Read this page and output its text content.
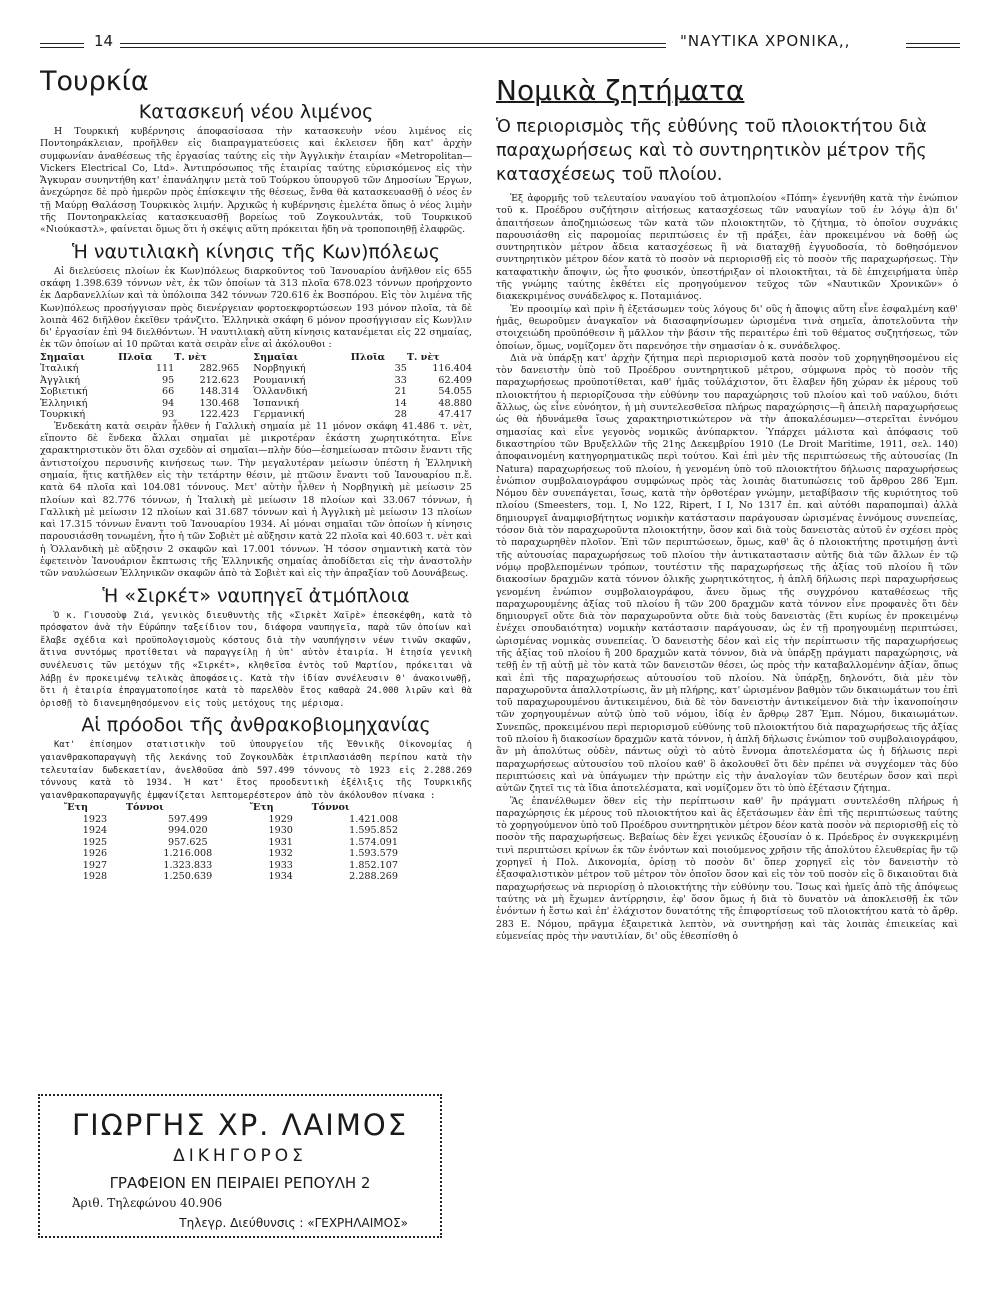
14	"ΝΑΥΤΙΚΑ ΧΡΟΝΙΚΑ,,
Τουρκία
Κατασκευή νέου λιμένος

Η Τουρκική κυβέρνησις άποφασίσασα τὴν κατασκευὴν νέου λιμένος εἰς Ποντοηράκλειαν, προῆλθεν εἰς διαπραγματεύσεις καὶ ἐκλεισεν ἤδη κατ' ἀρχὴν συμφωνίαν ἀναθέσεως τῆς ἐργασίας ταύτης εἰς τὴν Ἀγγλικὴν ἑταιρίαν «Metropolitan—Vickers Electrical Co, Ltd». Ἀντιπρόσωπος τῆς ἑταιρίας ταύτης εὑρισκόμενος εἰς τὴν Ἄγκυραν συνηντήθη κατ' ἐπανάληψιν μετὰ τοῦ Τούρκου ὑπουργοῦ τῶν Δημοσίων Ἔργων, ἀνεχώρησε δὲ πρὸ ἡμερῶν πρὸς ἐπίσκεψιν τῆς θέσεως, ἔνθα θὰ κατασκευασθῇ ὁ νέος ἐν τῇ Μαύρῃ Θαλάσσῃ Τουρκικὸς λιμήν. Ἀρχικῶς ἡ κυβέρνησις ἐμελέτα ὅπως ὁ νέος λιμὴν τῆς Ποντοηρακλείας κατασκευασθῇ βορείως τοῦ Ζογκουλντάκ, τοῦ Τουρκικοῦ «Νιούκαστλ», φαίνεται ὅμως ὅτι ἡ σκέψις αὕτη πρόκειται ἤδη νὰ τροποποιηθῇ ἐλαφρῶς.

Ἡ ναυτιλιακὴ κίνησις τῆς Κων)πόλεως

Αἱ διελεύσεις πλοίων ἐκ Κων)πόλεως διαρκοῦντος τοῦ Ἰανουαρίου ἀνῆλθον εἰς 655 σκάφη 1.398.639 τόννων νὲτ, ἐκ τῶν ὁποίων τὰ 313 πλοῖα 678.023 τόννων προήρχοντο ἐκ Δαρδανελλίων καὶ τὰ ὑπόλοιπα 342 τόννων 720.616 ἐκ Βοσπόρου. Εἰς τὸν λιμένα τῆς Κων)πόλεως προσήγγισαν πρὸς διενέργειαν φορτοεκφορτώσεων 193 μόνον πλοῖα, τὰ δὲ λοιπὰ 462 διῆλθον ἐκεῖθεν τράνζιτο. Ἑλληνικὰ σκάφη 6 μόνον προσήγγισαν εἰς Κων)λιν δι' ἐργασίαν ἐπὶ 94 διελθόντων. Ἡ ναυτιλιακὴ αὕτη κίνησις κατανέμεται εἰς 22 σημαίας, ἐκ τῶν ὁποίων αἱ 10 πρῶται κατὰ σειρὰν εἶνε αἱ ἀκόλουθοι :

Σημαῖαι	Πλοῖα	Τ. νὲτ	Σημαῖαι	Πλοῖα	Τ. νὲτ
Ἰταλική	111	282.965	Νορβηγική	35	116.404
Ἀγγλική	95	212.623	Ρουμανική	33	62.409
Σοβιετική	66	148.314	Ὁλλανδική	21	54.055
Ἑλληνική	94	130.468	Ἰσπανική	14	48.880
Τουρκική	93	122.423	Γερμανική	28	47.417

Ἑνδεκάτη κατὰ σειρὰν ἦλθεν ἡ Γαλλικὴ σημαία μὲ 11 μόνον σκάφη 41.486 τ. νὲτ, εἵποντο δὲ ἕνδεκα ἄλλαι σημαῖαι μὲ μικροτέραν ἑκάστη χωρητικότητα. Εἶνε χαρακτηριστικὸν ὅτι ὅλαι σχεδὸν αἱ σημαῖαι—πλὴν δύο—ἐσημείωσαν πτῶσιν ἔναντι τῆς ἀντιστοίχου περυσινῆς κινήσεως των. Τὴν μεγαλυτέραν μείωσιν ὑπέστη ἡ Ἑλληνικὴ σημαία, ἥτις κατῆλθεν εἰς τὴν τετάρτην θέσιν, μὲ πτῶσιν ἔναντι τοῦ Ἰανουαρίου π.ἔ. κατὰ 64 πλοῖα καὶ 104.081 τόννους. Μετ' αὐτὴν ἦλθεν ἡ Νορβηγικὴ μὲ μείωσιν 25 πλοίων καὶ 82.776 τόννων, ἡ Ἰταλικὴ μὲ μείωσιν 18 πλοίων καὶ 33.067 τόννων, ἡ Γαλλικὴ μὲ μείωσιν 12 πλοίων καὶ 31.687 τόννων καὶ ἡ Ἀγγλικὴ μὲ μείωσιν 13 πλοίων καὶ 17.315 τόννων ἔναντι τοῦ Ἰανουαρίου 1934. Αἱ μόναι σημαῖαι τῶν ὁποίων ἡ κίνησις παρουσιάσθη τονωμένη, ἦτο ἡ τῶν Σοβιὲτ μὲ αὔξησιν κατὰ 22 πλοῖα καὶ 40.603 τ. νὲτ καὶ ἡ Ὁλλανδικὴ μὲ αὔξησιν 2 σκαφῶν καὶ 17.001 τόννων. Ἡ τόσον σημαντικὴ κατὰ τὸν ἐφετεινὸν Ἰανουάριον ἔκπτωσις τῆς Ἑλληνικῆς σημαίας ἀποδίδεται εἰς τὴν ἀναστολὴν τῶν ναυλώσεων Ἑλληνικῶν σκαφῶν ἀπὸ τὰ Σοβιὲτ καὶ εἰς τὴν ἀπραξίαν τοῦ Δουνάβεως.

Ἡ «Σιρκέτ» ναυπηγεῖ ἀτμόπλοια

Ὁ κ. Γιουσοὺφ Ζιά, γενικὸς διευθυντὴς τῆς «Σιρκὲτ Χαϊρὲ» ἐπεσκέφθη, κατὰ τὸ πρόσφατον ἀνὰ τὴν Εὐρώπην ταξείδιον του, διάφορα ναυπηγεῖα, παρὰ τῶν ὁποίων καὶ ἔλαβε σχέδια καὶ προϋπολογισμοὺς κόστους διὰ τὴν ναυπήγησιν νέων τινῶν σκαφῶν, ἅτινα συντόμως προτίθεται νὰ παραγγείλῃ ἡ ὑπ' αὐτὸν ἑταιρία. Ἡ ἐτησία γενικὴ συνέλευσις τῶν μετόχων τῆς «Σιρκέτ», κληθεῖσα ἐντὸς τοῦ Μαρτίου, πρόκειται νὰ λάβῃ ἐν προκειμένῳ τελικὰς ἀποφάσεις. Κατὰ τὴν ἰδίαν συνέλευσιν θ' ἀνακοινωθῇ, ὅτι ἡ ἑταιρία ἐπραγματοποίησε κατὰ τὸ παρελθὸν ἔτος καθαρὰ 24.000 λιρῶν καὶ θὰ ὁρισθῇ τὸ διανεμηθησόμενον εἰς τοὺς μετόχους της μέρισμα.

Αἱ πρόοδοι τῆς ἀνθρακοβιομηχανίας

Κατ' ἐπίσημον στατιστικὴν τοῦ ὑπουργείου τῆς Ἐθνικῆς Οἰκονομίας ἡ γαιανθρακοπαραγωγὴ τῆς λεκάνης τοῦ Ζογκουλδὰκ ἐτριπλασιάσθη περίπου κατὰ τὴν τελευταίαν δωδεκαετίαν, ἀνελθοῦσα ἀπὸ 597.499 τόννους τὸ 1923 εἰς 2.288.269 τόννους κατὰ τὸ 1934. Ἡ κατ' ἔτος προοδευτικὴ ἐξέλιξις τῆς Τουρκικῆς γαιανθρακοπαραγωγῆς ἐμφανίζεται λεπτομερέστερον ἀπὸ τὸν ἀκόλουθον πίνακα :

Ἔτη	Τόννοι	Ἔτη	Τόννοι
1923	597.499	1929	1.421.008
1924	994.020	1930	1.595.852
1925	957.625	1931	1.574.091
1926	1.216.008	1932	1.593.579
1927	1.323.833	1933	1.852.107
1928	1.250.639	1934	2.288.269
ΓΙΩΡΓΗΣ ΧΡ. ΛΑΙΜΟΣ
ΔΙΚΗΓΟΡΟΣ
ΓΡΑΦΕΙΟΝ ΕΝ ΠΕΙΡΑΙΕΙ ΡΕΠΟΥΛΗ 2
Ἀριθ. Τηλεφώνου 40.906
Τηλεγρ. Διεύθυνσις : «ΓΕΧΡΗΛΑΙΜΟΣ»
Νομικὰ ζητήματα
Ὁ περιορισμὸς τῆς εὐθύνης τοῦ πλοιοκτήτου διὰ παραχωρήσεως καὶ τὸ συντηρητικὸν μέτρον τῆς κατασχέσεως τοῦ πλοίου.

Ἐξ ἀφορμῆς τοῦ τελευταίου ναυαγίου τοῦ ἀτμοπλοίου «Πόπη» ἐγεννήθη κατὰ τὴν ἐνώπιον τοῦ κ. Προέδρου συζήτησιν αἰτήσεως κατασχέσεως τῶν ναυαγίων τοῦ ἐν λόγῳ ἀ)π δι' ἀπαιτήσεων ἀποζημιώσεως τῶν κατὰ τῶν πλοιοκτητῶν, τὸ ζήτημα, τὸ ὁποῖον συχνάκις παρουσιάσθη εἰς παρομοίας περιπτώσεις ἐν τῇ πράξει, ἐὰν προκειμένου νὰ δοθῇ ὡς συντηρητικὸν μέτρον ἄδεια κατασχέσεως ἢ νὰ διαταχθῇ ἐγγυοδοσία, τὸ δοθησόμενον συντηρητικὸν μέτρον δέον κατὰ τὸ ποσὸν νὰ περιορισθῇ εἰς τὸ ποσὸν τῆς παραχωρήσεως. Τὴν καταφατικὴν ἄποψιν, ὡς ἦτο φυσικόν, ὑπεστήριξαν οἱ πλοιοκτῆται, τὰ δὲ ἐπιχειρήματα ὑπὲρ τῆς γνώμης ταύτης ἐκθέτει εἰς προηγούμενον τεῦχος τῶν «Ναυτικῶν Χρονικῶν» ὁ διακεκριμένος συνάδελφος κ. Ποταμιάνος.

Ἐν προοιμίῳ καὶ πρὶν ἢ ἐξετάσωμεν τοὺς λόγους δι' οὓς ἡ ἄποψις αὕτη εἶνε ἐσφαλμένη καθ' ἡμᾶς, θεωροῦμεν ἀναγκαῖον νὰ διασαφηνίσωμεν ὡρισμένα τινὰ σημεῖα, ἀποτελοῦντα τὴν στοιχειώδη προϋπόθεσιν ἢ μᾶλλον τὴν βάσιν τῆς περαιτέρω ἐπὶ τοῦ θέματος συζητήσεως, τῶν ὁποίων, ὅμως, νομίζομεν ὅτι παρενόησε τὴν σημασίαν ὁ κ. συνάδελφος.

Διὰ νὰ ὑπάρξῃ κατ' ἀρχὴν ζήτημα περὶ περιορισμοῦ κατὰ ποσὸν τοῦ χορηγηθησομένου εἰς τὸν δανειστὴν ὑπὸ τοῦ Προέδρου συντηρητικοῦ μέτρου, σύμφωνα πρὸς τὸ ποσὸν τῆς παραχωρήσεως προϋποτίθεται, καθ' ἡμᾶς τοὐλάχιστον, ὅτι ἔλαβεν ἤδη χώραν ἐκ μέρους τοῦ πλοιοκτήτου ἡ περιορίζουσα τὴν εὐθύνην του παραχώρησις τοῦ πλοίου καὶ τοῦ ναύλου, διότι ἄλλως, ὡς εἶνε εὐνόητον, ἡ μὴ συντελεσθεῖσα πλήρως παραχώρησις—ἢ ἀπειλὴ παραχωρήσεως ὡς θὰ ἠδυνάμεθα ἴσως χαρακτηριστικώτερον νὰ τὴν ἀποκαλέσωμεν—στερεῖται ἐννόμου σημασίας καὶ εἶνε γεγονὸς νομικῶς ἀνύπαρκτον. Ὑπάρχει μάλιστα καὶ ἀπόφασις τοῦ δικαστηρίου τῶν Βρυξελλῶν τῆς 21ης Δεκεμβρίου 1910 (Le Droit Maritime, 1911, σελ. 140) ἀποφαινομένη κατηγορηματικῶς περὶ τούτου. Καὶ ἐπὶ μὲν τῆς περιπτώσεως τῆς αὐτουσίας (In Natura) παραχωρήσεως τοῦ πλοίου, ἡ γενομένη ὑπὸ τοῦ πλοιοκτήτου δήλωσις παραχωρήσεως ἐνώπιον συμβολαιογράφου συμφώνως πρὸς τὰς λοιπὰς διατυπώσεις τοῦ ἄρθρου 286 Ἐμπ. Νόμου δὲν συνεπάγεται, ἴσως, κατὰ τὴν ὀρθοτέραν γνώμην, μεταβίβασιν τῆς κυριότητος τοῦ πλοίου (Smeesters, τομ. I, No 122, Ripert, I I, No 1317 ἐπ. καὶ αὐτόθι παραπομπαὶ) ἀλλὰ δημιουργεῖ ἀναμφισβήτητως νομικὴν κατάστασιν παράγουσαν ὡρισμένας ἐννόμους συνεπείας, τόσον διὰ τὸν παραχωροῦντα πλοιοκτήτην, ὅσον καὶ διὰ τοὺς δανειστὰς αὐτοῦ ἐν σχέσει πρὸς τὸ παραχωρηθὲν πλοῖον. Ἐπὶ τῶν περιπτώσεων, ὅμως, καθ' ἃς ὁ πλοιοκτήτης προτιμήσῃ ἀντὶ τῆς αὐτουσίας παραχωρήσεως τοῦ πλοίου τὴν ἀντικαταστασιν αὐτῆς διὰ τῶν ἄλλων ἐν τῷ νόμῳ προβλεπομένων τρόπων, τουτέστιν τῆς παραχωρήσεως τῆς ἀξίας τοῦ πλοίου ἢ τῶν διακοσίων δραχμῶν κατὰ τόννον ὁλικῆς χωρητικότητος, ἡ ἁπλῆ δήλωσις περὶ παραχωρήσεως γενομένη ἐνώπιον συμβολαιογράφου, ἄνευ ὅμως τῆς συγχρόνου καταθέσεως τῆς παραχωρουμένης ἀξίας τοῦ πλοίου ἢ τῶν 200 δραχμῶν κατὰ τόννον εἶνε προφανὲς ὅτι δὲν δημιουργεῖ οὔτε διὰ τὸν παραχωροῦντα οὔτε διὰ τοὺς δανειστὰς (ἔτι κυρίως ἐν προκειμένῳ ἐνέχει σπουδαιότητα) νομικὴν κατάστασιν παράγουσαν, ὡς ἐν τῇ προηγουμένῃ περιπτώσει, ὡρισμένας νομικὰς συνεπείας. Ὁ δανειστὴς δέον καὶ εἰς τὴν περίπτωσιν τῆς παραχωρήσεως τῆς ἀξίας τοῦ πλοίου ἢ 200 δραχμῶν κατὰ τόννον, διὰ νὰ ὑπάρξῃ πράγματι παραχώρησις, νὰ τεθῇ ἐν τῇ αὐτῇ μὲ τὸν κατὰ τῶν δανειστῶν θέσει, ὡς πρὸς τὴν καταβαλλομένην ἀξίαν, ὅπως καὶ ἐπὶ τῆς παραχωρήσεως αὐτουσίου τοῦ πλοίου. Νὰ ὑπάρξῃ, δηλονότι, διὰ μὲν τὸν παραχωροῦντα ἀπαλλοτρίωσις, ἂν μὴ πλήρης, κατ' ὡρισμένον βαθμὸν τῶν δικαιωμάτων του ἐπὶ τοῦ παραχωρουμένου ἀντικειμένου, διὰ δὲ τὸν δανειστὴν ἀντικείμενον διὰ τὴν ἱκανοποίησιν τῶν χορηγουμένων αὐτῷ ὑπὸ τοῦ νόμου, ἰδίᾳ ἐν ἄρθρῳ 287 Ἐμπ. Νόμου, δικαιωμάτων. Συνεπῶς, προκειμένου περὶ περιορισμοῦ εὐθύνης τοῦ πλοιοκτήτου διὰ παραχωρήσεως τῆς ἀξίας τοῦ πλοίου ἢ διακοσίων δραχμῶν κατὰ τόννον, ἡ ἁπλῆ δήλωσις ἐνώπιον τοῦ συμβολαιογράφου, ἂν μὴ ἀπολύτως οὐδὲν, πάντως οὐχὶ τὸ αὐτὸ ἔννομα ἀποτελέσματα ὡς ἡ δήλωσις περὶ παραχωρήσεως αὐτουσίου τοῦ πλοίου καθ' ὃ ἀκολουθεῖ ὅτι δὲν πρέπει νὰ συγχέομεν τὰς δύο περιπτώσεις καὶ νὰ ὑπάγωμεν τὴν πρώτην εἰς τὴν ἀναλογίαν τῶν δευτέρων ὅσον καὶ περὶ αὐτῶν ζητεῖ τις τὰ ἴδια ἀποτελέσματα, καὶ νομίζομεν ὅτι τὸ ὑπὸ ἐξέτασιν ζήτημα.

Ἂς ἐπανέλθωμεν ὅθεν εἰς τὴν περίπτωσιν καθ' ἣν πράγματι συντελέσθη πλήρως ἡ παραχώρησις ἐκ μέρους τοῦ πλοιοκτήτου καὶ ἂς ἐξετάσωμεν ἐὰν ἐπὶ τῆς περιπτώσεως ταύτης τὸ χορηγούμενον ὑπὸ τοῦ Προέδρου συντηρητικὸν μέτρον δέον κατὰ ποσὸν νὰ περιορισθῇ εἰς τὸ ποσὸν τῆς παραχωρήσεως. Βεβαίως δὲν ἔχει γενικῶς ἐξουσίαν ὁ κ. Πρόεδρος ἐν συγκεκριμένῃ τινὶ περιπτώσει κρίνων ἐκ τῶν ἐνόντων καὶ ποιούμενος χρῆσιν τῆς ἀπολύτου ἐλευθερίας ἣν τῷ χορηγεῖ ἡ Πολ. Δικονομία, ὁρίσῃ τὸ ποσὸν δι' ὅπερ χορηγεῖ εἰς τὸν δανειστὴν τὸ ἐξασφαλιστικὸν μέτρον τοῦ μέτρον τὸν ὁποῖον ὅσον καὶ εἰς τὸν τοῦ ποσὸν εἰς ὃ δικαιοῦται διὰ παραχωρήσεως νὰ περιορίσῃ ὁ πλοιοκτήτης τὴν εὐθύνην του. Ἴσως καὶ ἡμεῖς ἀπὸ τῆς ἀπόψεως ταύτης νὰ μὴ ἔχωμεν ἀντίρρησιν, ἐφ' ὅσον ὅμως ἡ διὰ τὸ δυνατὸν νὰ ἀποκλεισθῇ ἐκ τῶν ἐνόντων ἡ ἔστω καὶ ἐπ' ἐλάχιστον δυνατότης τῆς ἐπιφορτίσεως τοῦ πλοιοκτήτου κατὰ τὸ ἄρθρ. 283 Ε. Νόμου, πρᾶγμα ἐξαιρετικὰ λεπτὸν, νὰ συντηρήσῃ καὶ τὰς λοιπὰς ἐπιεικείας καὶ εὐμενείας πρὸς τὴν ναυτιλίαν, δι' οὓς ἐθεσπίσθη ὁ
